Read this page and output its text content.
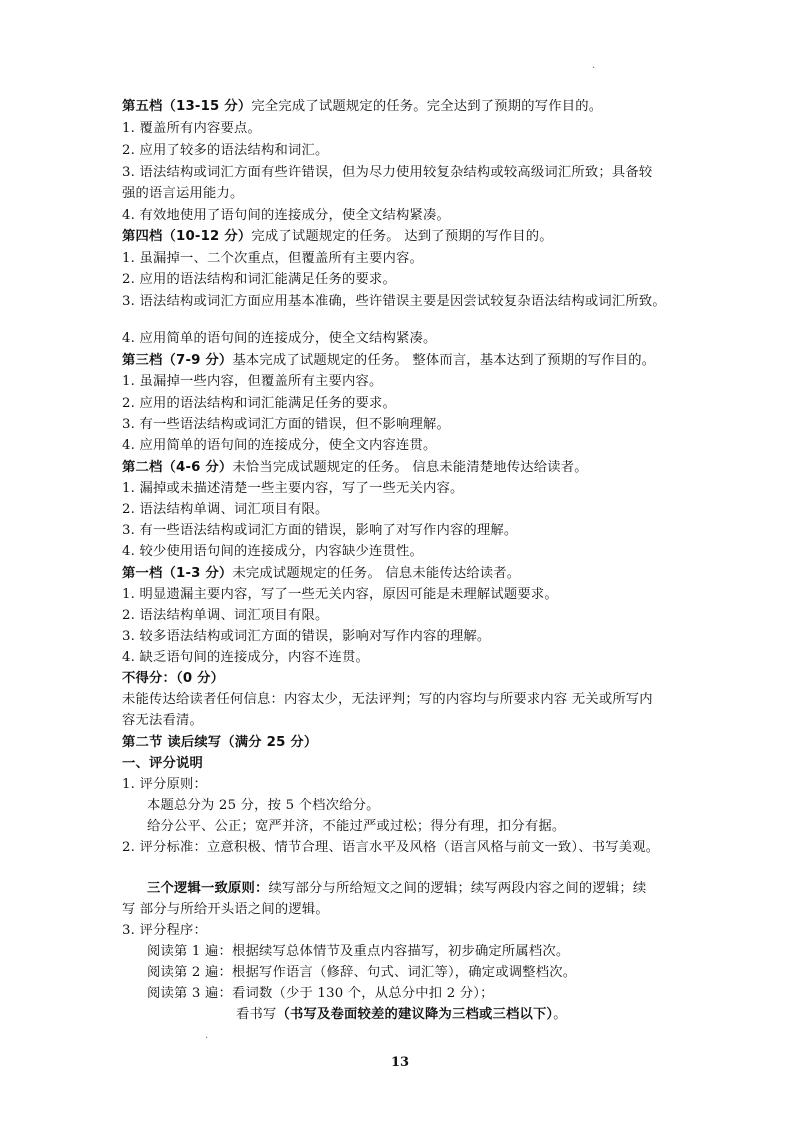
.
第五档（13-15 分）完全完成了试题规定的任务。完全达到了预期的写作目的。
1. 覆盖所有内容要点。
2. 应用了较多的语法结构和词汇。
3. 语法结构或词汇方面有些许错误，但为尽力使用较复杂结构或较高级词汇所致；具备较
强的语言运用能力。
4. 有效地使用了语句间的连接成分，使全文结构紧凑。
第四档（10-12 分）完成了试题规定的任务。 达到了预期的写作目的。
1. 虽漏掉一、二个次重点，但覆盖所有主要内容。
2. 应用的语法结构和词汇能满足任务的要求。
3. 语法结构或词汇方面应用基本准确，些许错误主要是因尝试较复杂语法结构或词汇所致。
4. 应用简单的语句间的连接成分，使全文结构紧凑。
第三档（7-9 分）基本完成了试题规定的任务。 整体而言，基本达到了预期的写作目的。
1. 虽漏掉一些内容，但覆盖所有主要内容。
2. 应用的语法结构和词汇能满足任务的要求。
3. 有一些语法结构或词汇方面的错误，但不影响理解。
4. 应用简单的语句间的连接成分，使全文内容连贯。
第二档（4-6 分）未恰当完成试题规定的任务。 信息未能清楚地传达给读者。
1. 漏掉或未描述清楚一些主要内容，写了一些无关内容。
2. 语法结构单调、词汇项目有限。
3. 有一些语法结构或词汇方面的错误，影响了对写作内容的理解。
4. 较少使用语句间的连接成分，内容缺少连贯性。
第一档（1-3 分）未完成试题规定的任务。 信息未能传达给读者。
1. 明显遗漏主要内容，写了一些无关内容，原因可能是未理解试题要求。
2. 语法结构单调、词汇项目有限。
3. 较多语法结构或词汇方面的错误，影响对写作内容的理解。
4. 缺乏语句间的连接成分，内容不连贯。
不得分：（0 分）
未能传达给读者任何信息：内容太少，无法评判；写的内容均与所要求内容 无关或所写内
容无法看清。
第二节 读后续写（满分 25 分）
一、评分说明
1. 评分原则：
本题总分为 25 分，按 5 个档次给分。
给分公平、公正；宽严并济，不能过严或过松；得分有理，扣分有据。
2. 评分标准：立意积极、情节合理、语言水平及风格（语言风格与前文一致）、书写美观。
三个逻辑一致原则：续写部分与所给短文之间的逻辑；续写两段内容之间的逻辑；续
写 部分与所给开头语之间的逻辑。
3. 评分程序：
阅读第 1 遍：根据续写总体情节及重点内容描写，初步确定所属档次。
阅读第 2 遍：根据写作语言（修辞、句式、词汇等），确定或调整档次。
阅读第 3 遍：看词数（少于 130 个，从总分中扣 2 分）；
看书写（书写及卷面较差的建议降为三档或三档以下）。
.
13
